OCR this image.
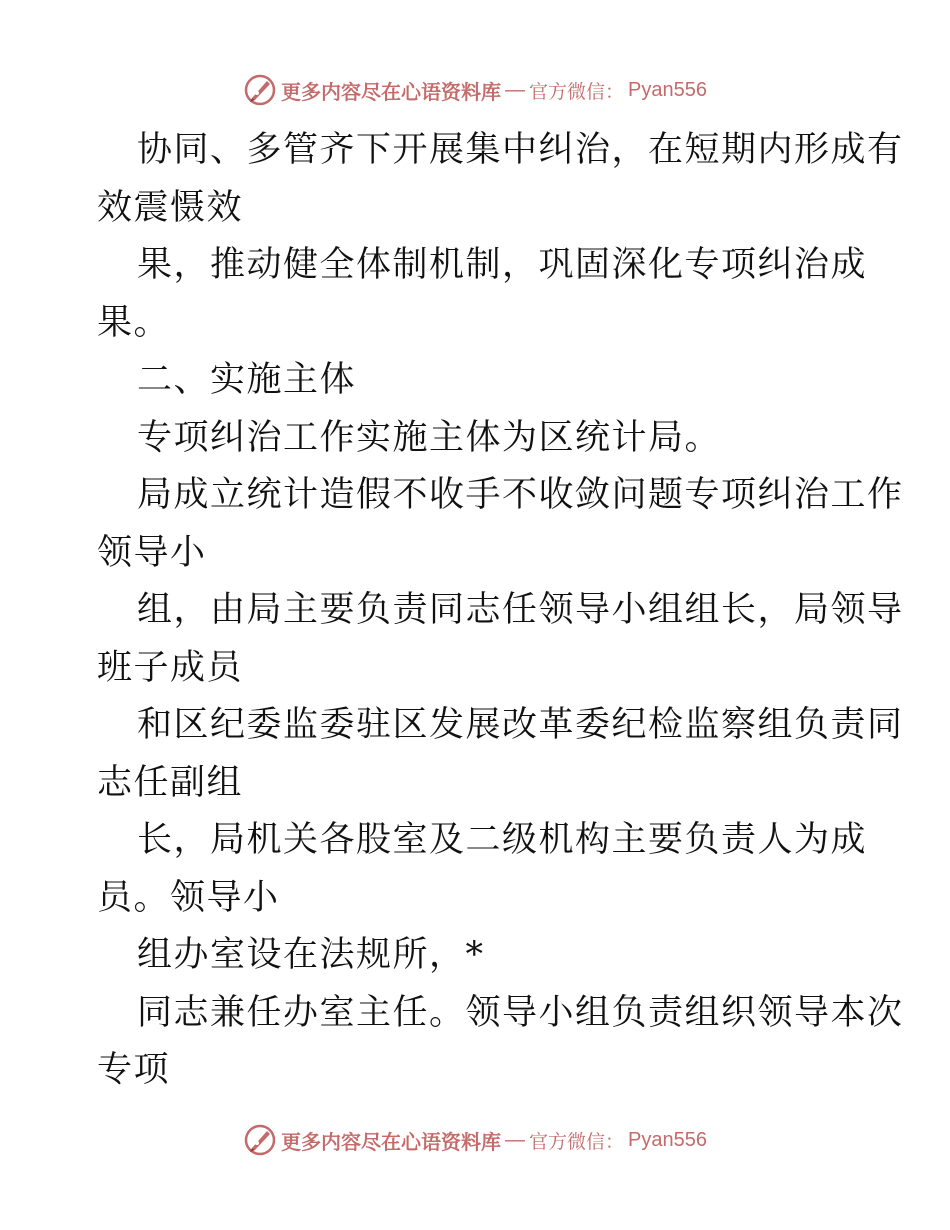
更多内容尽在心语资料库 — 官方微信： Pyan556
协同、多管齐下开展集中纠治，在短期内形成有
效震慑效
果，推动健全体制机制，巩固深化专项纠治成
果。
二、实施主体
专项纠治工作实施主体为区统计局。
局成立统计造假不收手不收敛问题专项纠治工作
领导小
组，由局主要负责同志任领导小组组长，局领导
班子成员
和区纪委监委驻区发展改革委纪检监察组负责同
志任副组
长，局机关各股室及二级机构主要负责人为成
员。领导小
组办室设在法规所，*
同志兼任办室主任。领导小组负责组织领导本次
专项
更多内容尽在心语资料库 — 官方微信： Pyan556
